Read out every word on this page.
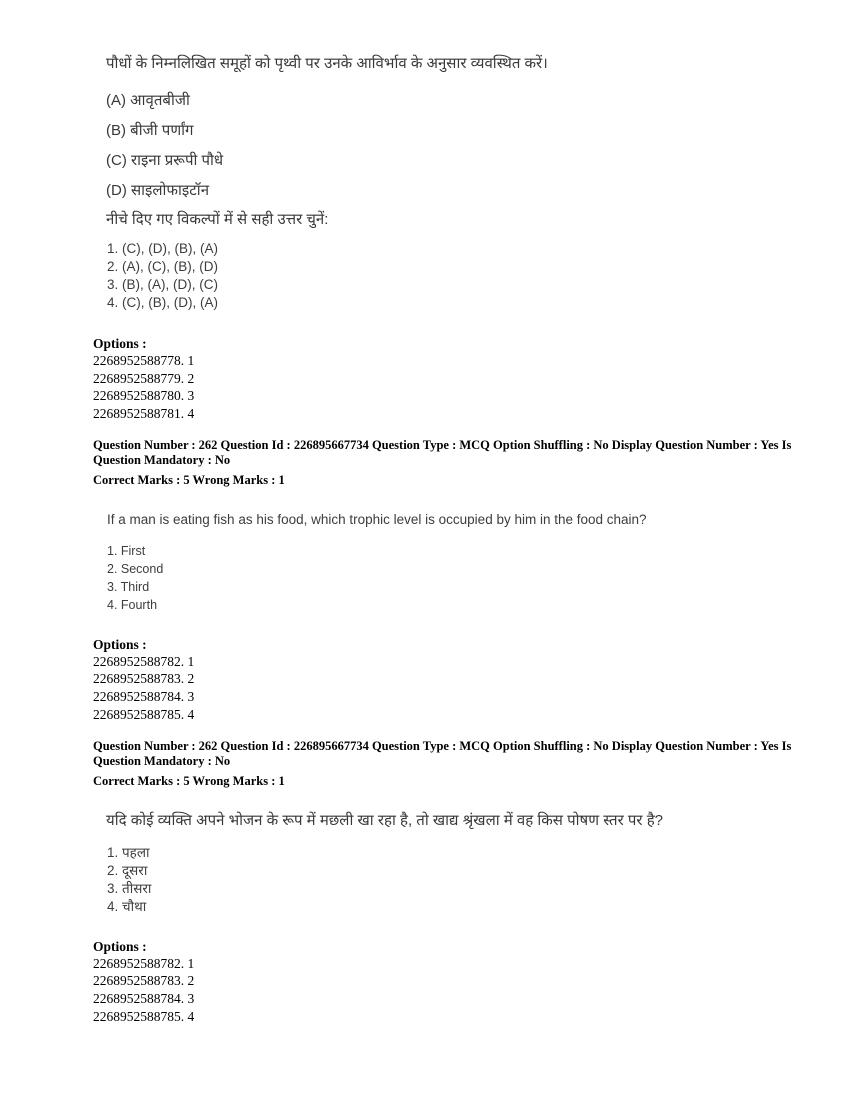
पौधों के निम्नलिखित समूहों को पृथ्वी पर उनके आविर्भाव के अनुसार व्यवस्थित करें।

(A) आवृतबीजी

(B) बीजी पर्णांग

(C) राइना प्ररूपी पौधे

(D) साइलोफाइटॉन

नीचे दिए गए विकल्पों में से सही उत्तर चुनें:

1. (C), (D), (B), (A)

2. (A), (C), (B), (D)

3. (B), (A), (D), (C)

4. (C), (B), (D), (A)

Options :

2268952588778. 1

2268952588779. 2

2268952588780. 3

2268952588781. 4

Question Number : 262 Question Id : 226895667734 Question Type : MCQ Option Shuffling : No Display Question Number : Yes Is Question Mandatory : No

Correct Marks : 5 Wrong Marks : 1

If a man is eating fish as his food, which trophic level is occupied by him in the food chain?

1. First

2. Second

3. Third

4. Fourth

Options :

2268952588782. 1

2268952588783. 2

2268952588784. 3

2268952588785. 4

Question Number : 262 Question Id : 226895667734 Question Type : MCQ Option Shuffling : No Display Question Number : Yes Is Question Mandatory : No

Correct Marks : 5 Wrong Marks : 1

यदि कोई व्यक्ति अपने भोजन के रूप में मछली खा रहा है, तो खाद्य श्रृंखला में वह किस पोषण स्तर पर है?

1. पहला

2. दूसरा

3. तीसरा

4. चौथा

Options :

2268952588782. 1

2268952588783. 2

2268952588784. 3

2268952588785. 4
